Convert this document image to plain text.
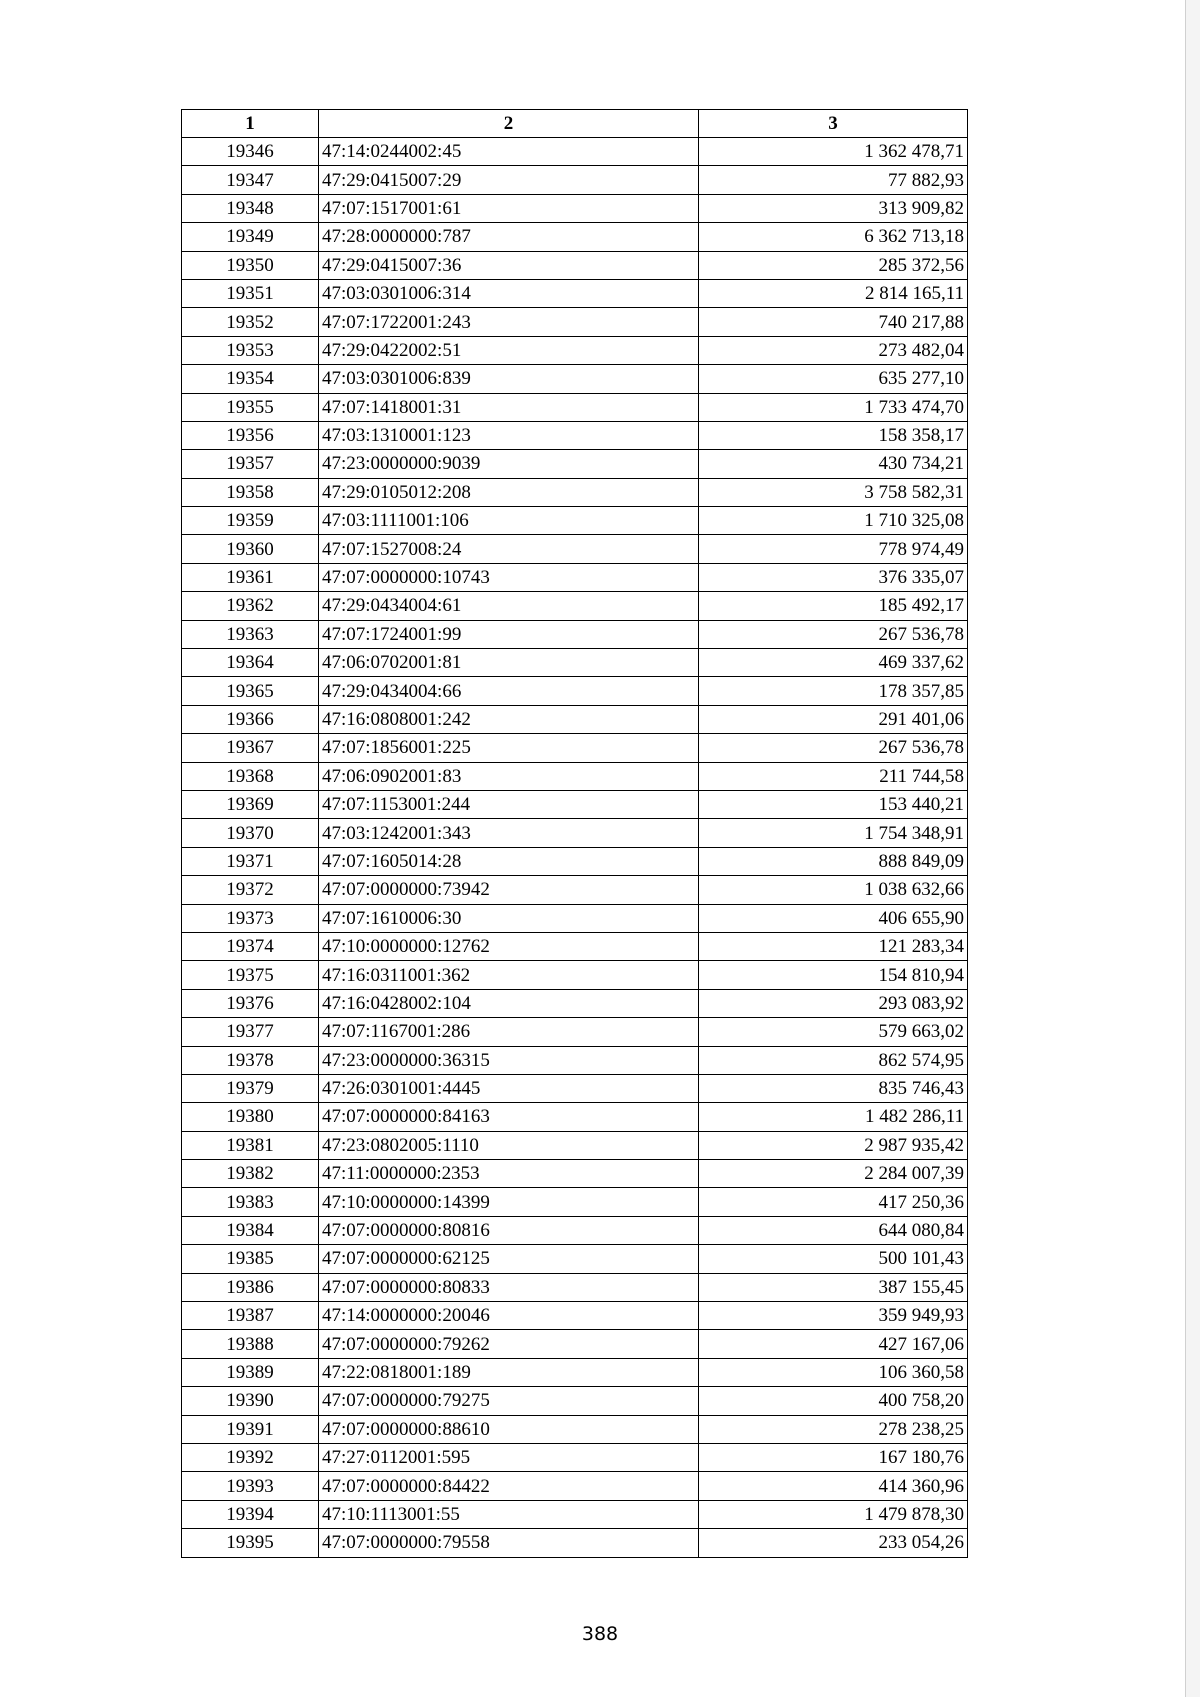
1	2	3
19346	47:14:0244002:45	1 362 478,71
19347	47:29:0415007:29	77 882,93
19348	47:07:1517001:61	313 909,82
19349	47:28:0000000:787	6 362 713,18
19350	47:29:0415007:36	285 372,56
19351	47:03:0301006:314	2 814 165,11
19352	47:07:1722001:243	740 217,88
19353	47:29:0422002:51	273 482,04
19354	47:03:0301006:839	635 277,10
19355	47:07:1418001:31	1 733 474,70
19356	47:03:1310001:123	158 358,17
19357	47:23:0000000:9039	430 734,21
19358	47:29:0105012:208	3 758 582,31
19359	47:03:1111001:106	1 710 325,08
19360	47:07:1527008:24	778 974,49
19361	47:07:0000000:10743	376 335,07
19362	47:29:0434004:61	185 492,17
19363	47:07:1724001:99	267 536,78
19364	47:06:0702001:81	469 337,62
19365	47:29:0434004:66	178 357,85
19366	47:16:0808001:242	291 401,06
19367	47:07:1856001:225	267 536,78
19368	47:06:0902001:83	211 744,58
19369	47:07:1153001:244	153 440,21
19370	47:03:1242001:343	1 754 348,91
19371	47:07:1605014:28	888 849,09
19372	47:07:0000000:73942	1 038 632,66
19373	47:07:1610006:30	406 655,90
19374	47:10:0000000:12762	121 283,34
19375	47:16:0311001:362	154 810,94
19376	47:16:0428002:104	293 083,92
19377	47:07:1167001:286	579 663,02
19378	47:23:0000000:36315	862 574,95
19379	47:26:0301001:4445	835 746,43
19380	47:07:0000000:84163	1 482 286,11
19381	47:23:0802005:1110	2 987 935,42
19382	47:11:0000000:2353	2 284 007,39
19383	47:10:0000000:14399	417 250,36
19384	47:07:0000000:80816	644 080,84
19385	47:07:0000000:62125	500 101,43
19386	47:07:0000000:80833	387 155,45
19387	47:14:0000000:20046	359 949,93
19388	47:07:0000000:79262	427 167,06
19389	47:22:0818001:189	106 360,58
19390	47:07:0000000:79275	400 758,20
19391	47:07:0000000:88610	278 238,25
19392	47:27:0112001:595	167 180,76
19393	47:07:0000000:84422	414 360,96
19394	47:10:1113001:55	1 479 878,30
19395	47:07:0000000:79558	233 054,26
388
